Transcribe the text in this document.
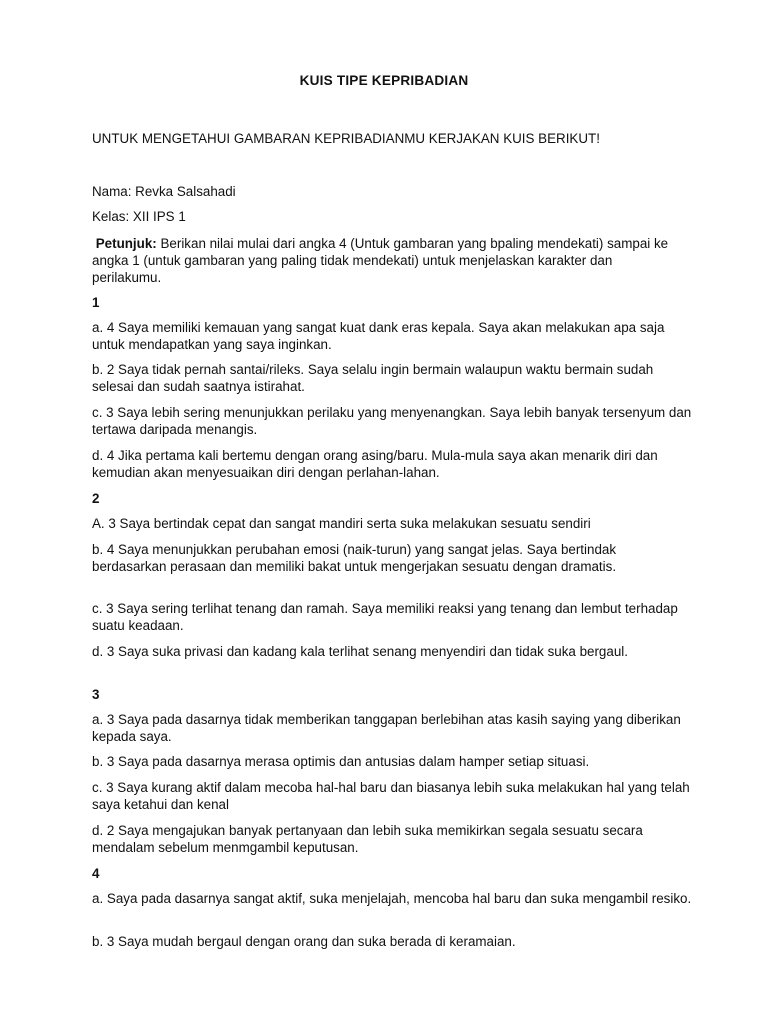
KUIS TIPE KEPRIBADIAN

UNTUK MENGETAHUI GAMBARAN KEPRIBADIANMU KERJAKAN KUIS BERIKUT!

Nama: Revka Salsahadi

Kelas: XII IPS 1

Petunjuk: Berikan nilai mulai dari angka 4 (Untuk gambaran yang bpaling mendekati) sampai ke angka 1 (untuk gambaran yang paling tidak mendekati) untuk menjelaskan karakter dan perilakumu.

1

a. 4 Saya memiliki kemauan yang sangat kuat dank eras kepala. Saya akan melakukan apa saja untuk mendapatkan yang saya inginkan.

b. 2 Saya tidak pernah santai/rileks. Saya selalu ingin bermain walaupun waktu bermain sudah selesai dan sudah saatnya istirahat.

c. 3 Saya lebih sering menunjukkan perilaku yang menyenangkan. Saya lebih banyak tersenyum dan tertawa daripada menangis.

d. 4 Jika pertama kali bertemu dengan orang asing/baru. Mula-mula saya akan menarik diri dan kemudian akan menyesuaikan diri dengan perlahan-lahan.

2

A. 3 Saya bertindak cepat dan sangat mandiri serta suka melakukan sesuatu sendiri

b. 4 Saya menunjukkan perubahan emosi (naik-turun) yang sangat jelas. Saya bertindak berdasarkan perasaan dan memiliki bakat untuk mengerjakan sesuatu dengan dramatis.

c. 3 Saya sering terlihat tenang dan ramah. Saya memiliki reaksi yang tenang dan lembut terhadap suatu keadaan.

d. 3 Saya suka privasi dan kadang kala terlihat senang menyendiri dan tidak suka bergaul.

3

a. 3 Saya pada dasarnya tidak memberikan tanggapan berlebihan atas kasih saying yang diberikan kepada saya.

b. 3 Saya pada dasarnya merasa optimis dan antusias dalam hamper setiap situasi.

c. 3 Saya kurang aktif dalam mecoba hal-hal baru dan biasanya lebih suka melakukan hal yang telah saya ketahui dan kenal

d. 2 Saya mengajukan banyak pertanyaan dan lebih suka memikirkan segala sesuatu secara mendalam sebelum menmgambil keputusan.

4

a. Saya pada dasarnya sangat aktif, suka menjelajah, mencoba hal baru dan suka mengambil resiko.

b. 3 Saya mudah bergaul dengan orang dan suka berada di keramaian.
